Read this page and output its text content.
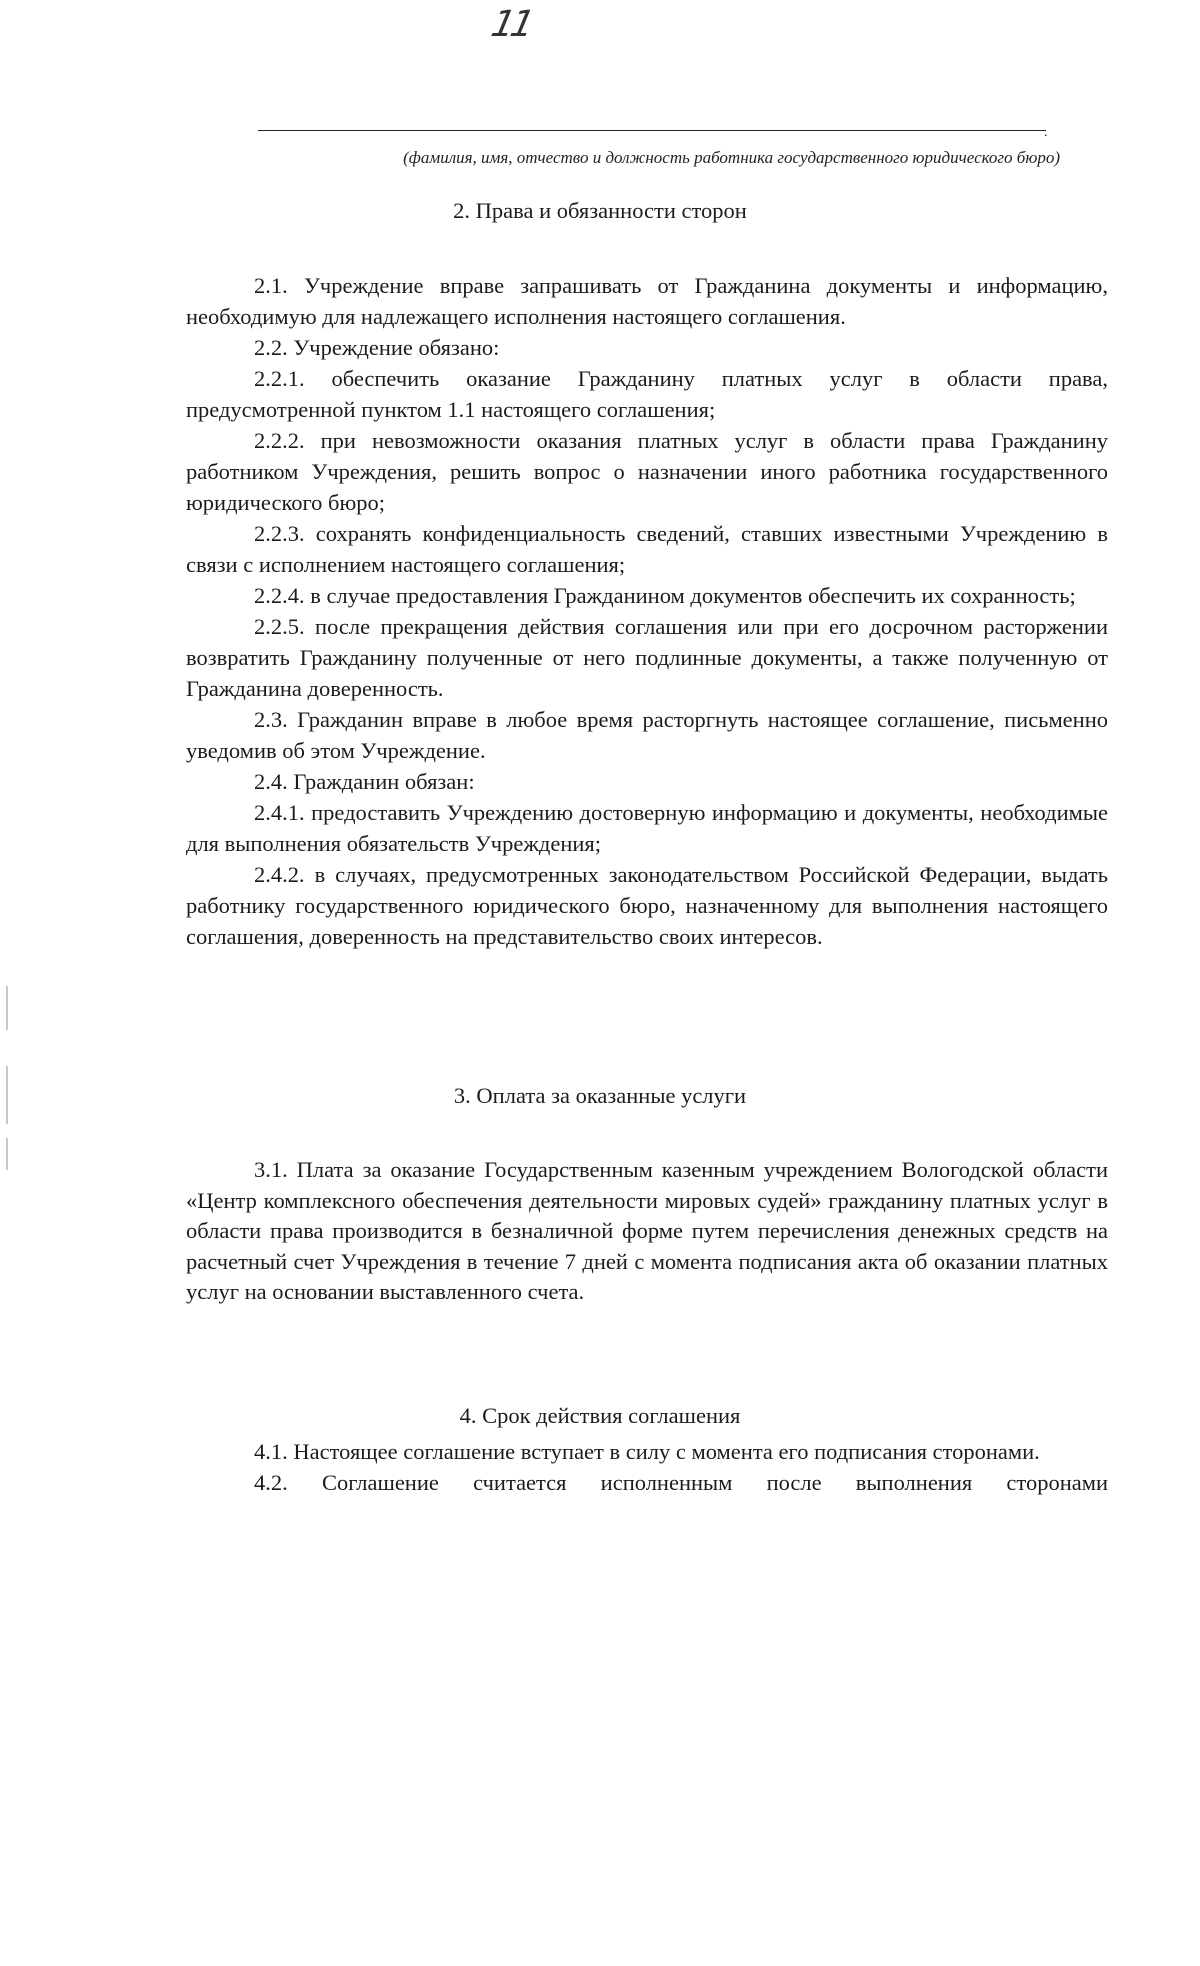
11
.
(фамилия, имя, отчество и должность работника государственного юридического бюро)
2. Права и обязанности сторон

2.1. Учреждение вправе запрашивать от Гражданина документы и информацию, необходимую для надлежащего исполнения настоящего соглашения.

2.2. Учреждение обязано:

2.2.1. обеспечить оказание Гражданину платных услуг в области права, предусмотренной пунктом 1.1 настоящего соглашения;

2.2.2. при невозможности оказания платных услуг в области права Гражданину работником Учреждения, решить вопрос о назначении иного работника государственного юридического бюро;

2.2.3. сохранять конфиденциальность сведений, ставших известными Учреждению в связи с исполнением настоящего соглашения;

2.2.4. в случае предоставления Гражданином документов обеспечить их сохранность;

2.2.5. после прекращения действия соглашения или при его досрочном расторжении возвратить Гражданину полученные от него подлинные документы, а также полученную от Гражданина доверенность.

2.3. Гражданин вправе в любое время расторгнуть настоящее соглашение, письменно уведомив об этом Учреждение.

2.4. Гражданин обязан:

2.4.1. предоставить Учреждению достоверную информацию и документы, необходимые для выполнения обязательств Учреждения;

2.4.2. в случаях, предусмотренных законодательством Российской Федерации, выдать работнику государственного юридического бюро, назначенному для выполнения настоящего соглашения, доверенность на представительство своих интересов.

3. Оплата за оказанные услуги

3.1. Плата за оказание Государственным казенным учреждением Вологодской области «Центр комплексного обеспечения деятельности мировых судей» гражданину платных услуг в области права производится в безналичной форме путем перечисления денежных средств на расчетный счет Учреждения в течение 7 дней с момента подписания акта об оказании платных услуг на основании выставленного счета.

4. Срок действия соглашения

4.1. Настоящее соглашение вступает в силу с момента его подписания сторонами.

4.2. Соглашение считается исполненным после выполнения сторонами
